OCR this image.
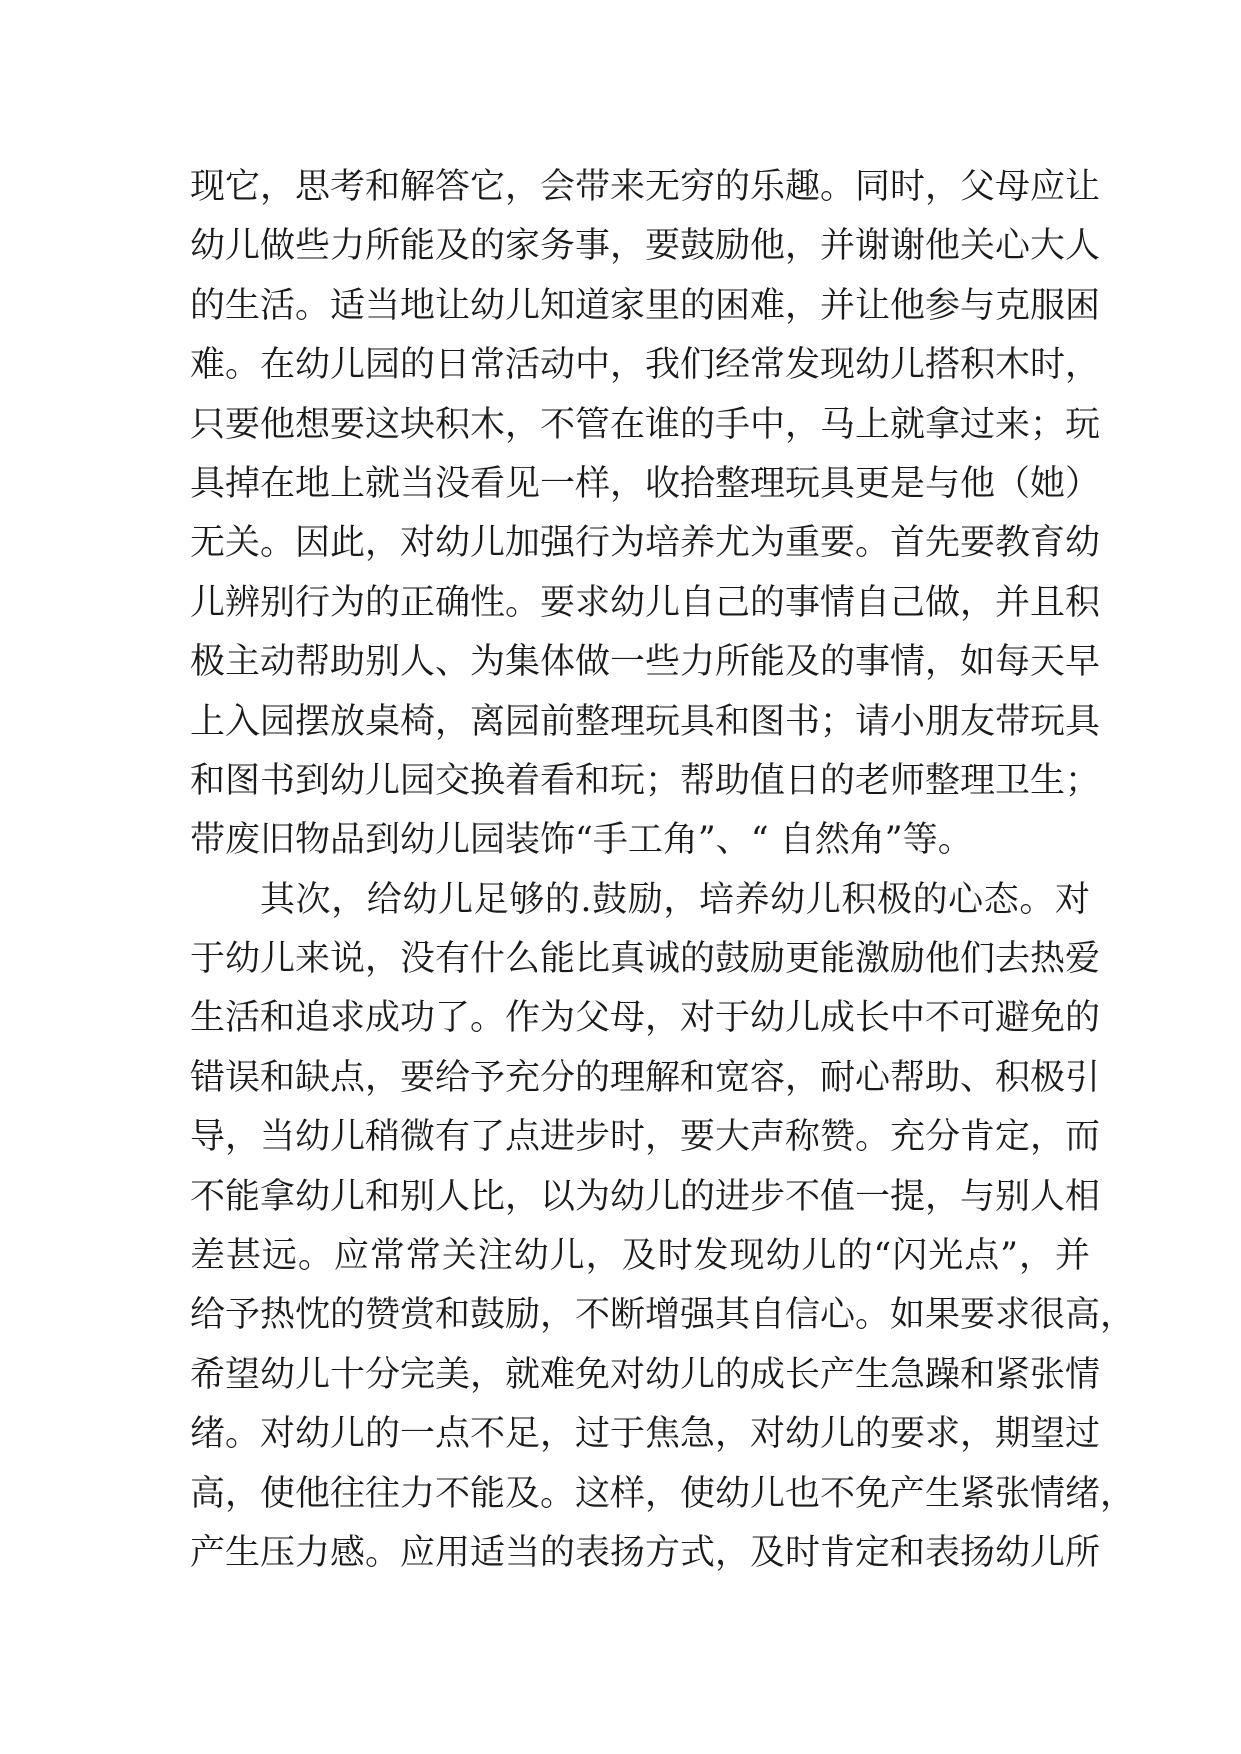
现它，思考和解答它，会带来无穷的乐趣。同时，父母应让
幼儿做些力所能及的家务事，要鼓励他，并谢谢他关心大人
的生活。适当地让幼儿知道家里的困难，并让他参与克服困
难。在幼儿园的日常活动中，我们经常发现幼儿搭积木时，
只要他想要这块积木，不管在谁的手中，马上就拿过来；玩
具掉在地上就当没看见一样，收拾整理玩具更是与他（她）
无关。因此，对幼儿加强行为培养尤为重要。首先要教育幼
儿辨别行为的正确性。要求幼儿自己的事情自己做，并且积
极主动帮助别人、为集体做一些力所能及的事情，如每天早
上入园摆放桌椅，离园前整理玩具和图书；请小朋友带玩具
和图书到幼儿园交换着看和玩；帮助值日的老师整理卫生；
带废旧物品到幼儿园装饰“手工角”、“ 自然角”等。
其次，给幼儿足够的.鼓励，培养幼儿积极的心态。对
于幼儿来说，没有什么能比真诚的鼓励更能激励他们去热爱
生活和追求成功了。作为父母，对于幼儿成长中不可避免的
错误和缺点，要给予充分的理解和宽容，耐心帮助、积极引
导，当幼儿稍微有了点进步时，要大声称赞。充分肯定，而
不能拿幼儿和别人比，以为幼儿的进步不值一提，与别人相
差甚远。应常常关注幼儿，及时发现幼儿的“闪光点”，并
给予热忱的赞赏和鼓励，不断增强其自信心。如果要求很高，
希望幼儿十分完美，就难免对幼儿的成长产生急躁和紧张情
绪。对幼儿的一点不足，过于焦急，对幼儿的要求，期望过
高，使他往往力不能及。这样，使幼儿也不免产生紧张情绪，
产生压力感。应用适当的表扬方式，及时肯定和表扬幼儿所
